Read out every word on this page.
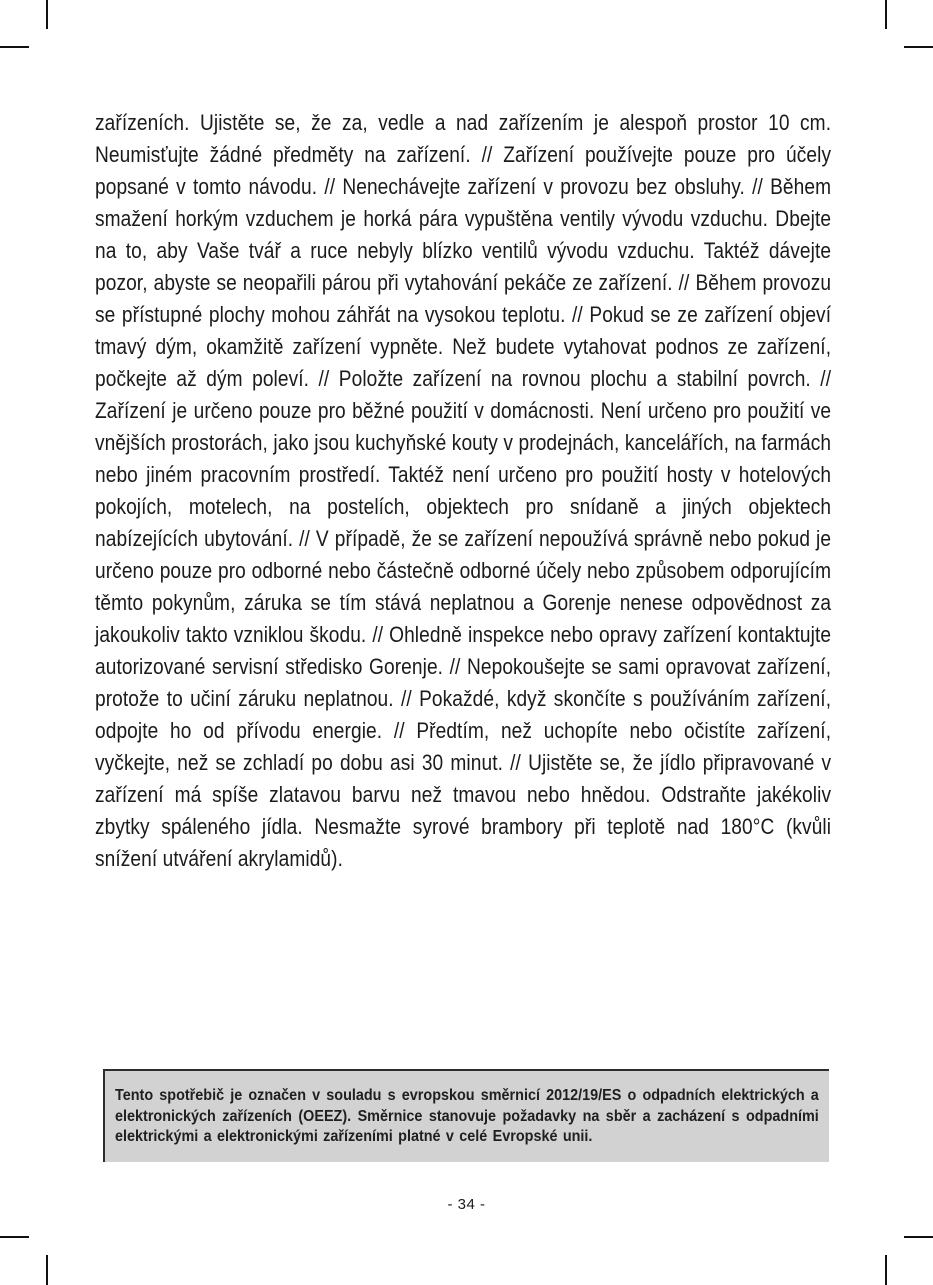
zařízeních. Ujistěte se, že za, vedle a nad zařízením je alespoň prostor 10 cm. Neumisťujte žádné předměty na zařízení. // Zařízení používejte pouze pro účely popsané v tomto návodu. // Nenechávejte zařízení v provozu bez obsluhy. // Během smažení horkým vzduchem je horká pára vypuštěna ventily vývodu vzduchu. Dbejte na to, aby Vaše tvář a ruce nebyly blízko ventilů vývodu vzduchu. Taktéž dávejte pozor, abyste se neopařili párou při vytahování pekáče ze zařízení. // Během provozu se přístupné plochy mohou záhřát na vysokou teplotu. // Pokud se ze zařízení objeví tmavý dým, okamžitě zařízení vypněte. Než budete vytahovat podnos ze zařízení, počkejte až dým poleví. // Položte zařízení na rovnou plochu a stabilní povrch. // Zařízení je určeno pouze pro běžné použití v domácnosti. Není určeno pro použití ve vnějších prostorách, jako jsou kuchyňské kouty v prodejnách, kancelářích, na farmách nebo jiném pracovním prostředí. Taktéž není určeno pro použití hosty v hotelových pokojích, motelech, na postelích, objektech pro snídaně a jiných objektech nabízejících ubytování. // V případě, že se zařízení nepoužívá správně nebo pokud je určeno pouze pro odborné nebo částečně odborné účely nebo způsobem odporujícím těmto pokynům, záruka se tím stává neplatnou a Gorenje nenese odpovědnost za jakoukoliv takto vzniklou škodu. // Ohledně inspekce nebo opravy zařízení kontaktujte autorizované servisní středisko Gorenje. // Nepokoušejte se sami opravovat zařízení, protože to učiní záruku neplatnou. // Pokaždé, když skončíte s používáním zařízení, odpojte ho od přívodu energie. // Předtím, než uchopíte nebo očistíte zařízení, vyčkejte, než se zchladí po dobu asi 30 minut. // Ujistěte se, že jídlo připravované v zařízení má spíše zlatavou barvu než tmavou nebo hnědou. Odstraňte jakékoliv zbytky spáleného jídla. Nesmažte syrové brambory při teplotě nad 180°C (kvůli snížení utváření akrylamidů).
Tento spotřebič je označen v souladu s evropskou směrnicí 2012/19/ES o odpadních elektrických a elektronických zařízeních (OEEZ). Směrnice stanovuje požadavky na sběr a zacházení s odpadními elektrickými a elektronickými zařízeními platné v celé Evropské unii.
- 34 -
